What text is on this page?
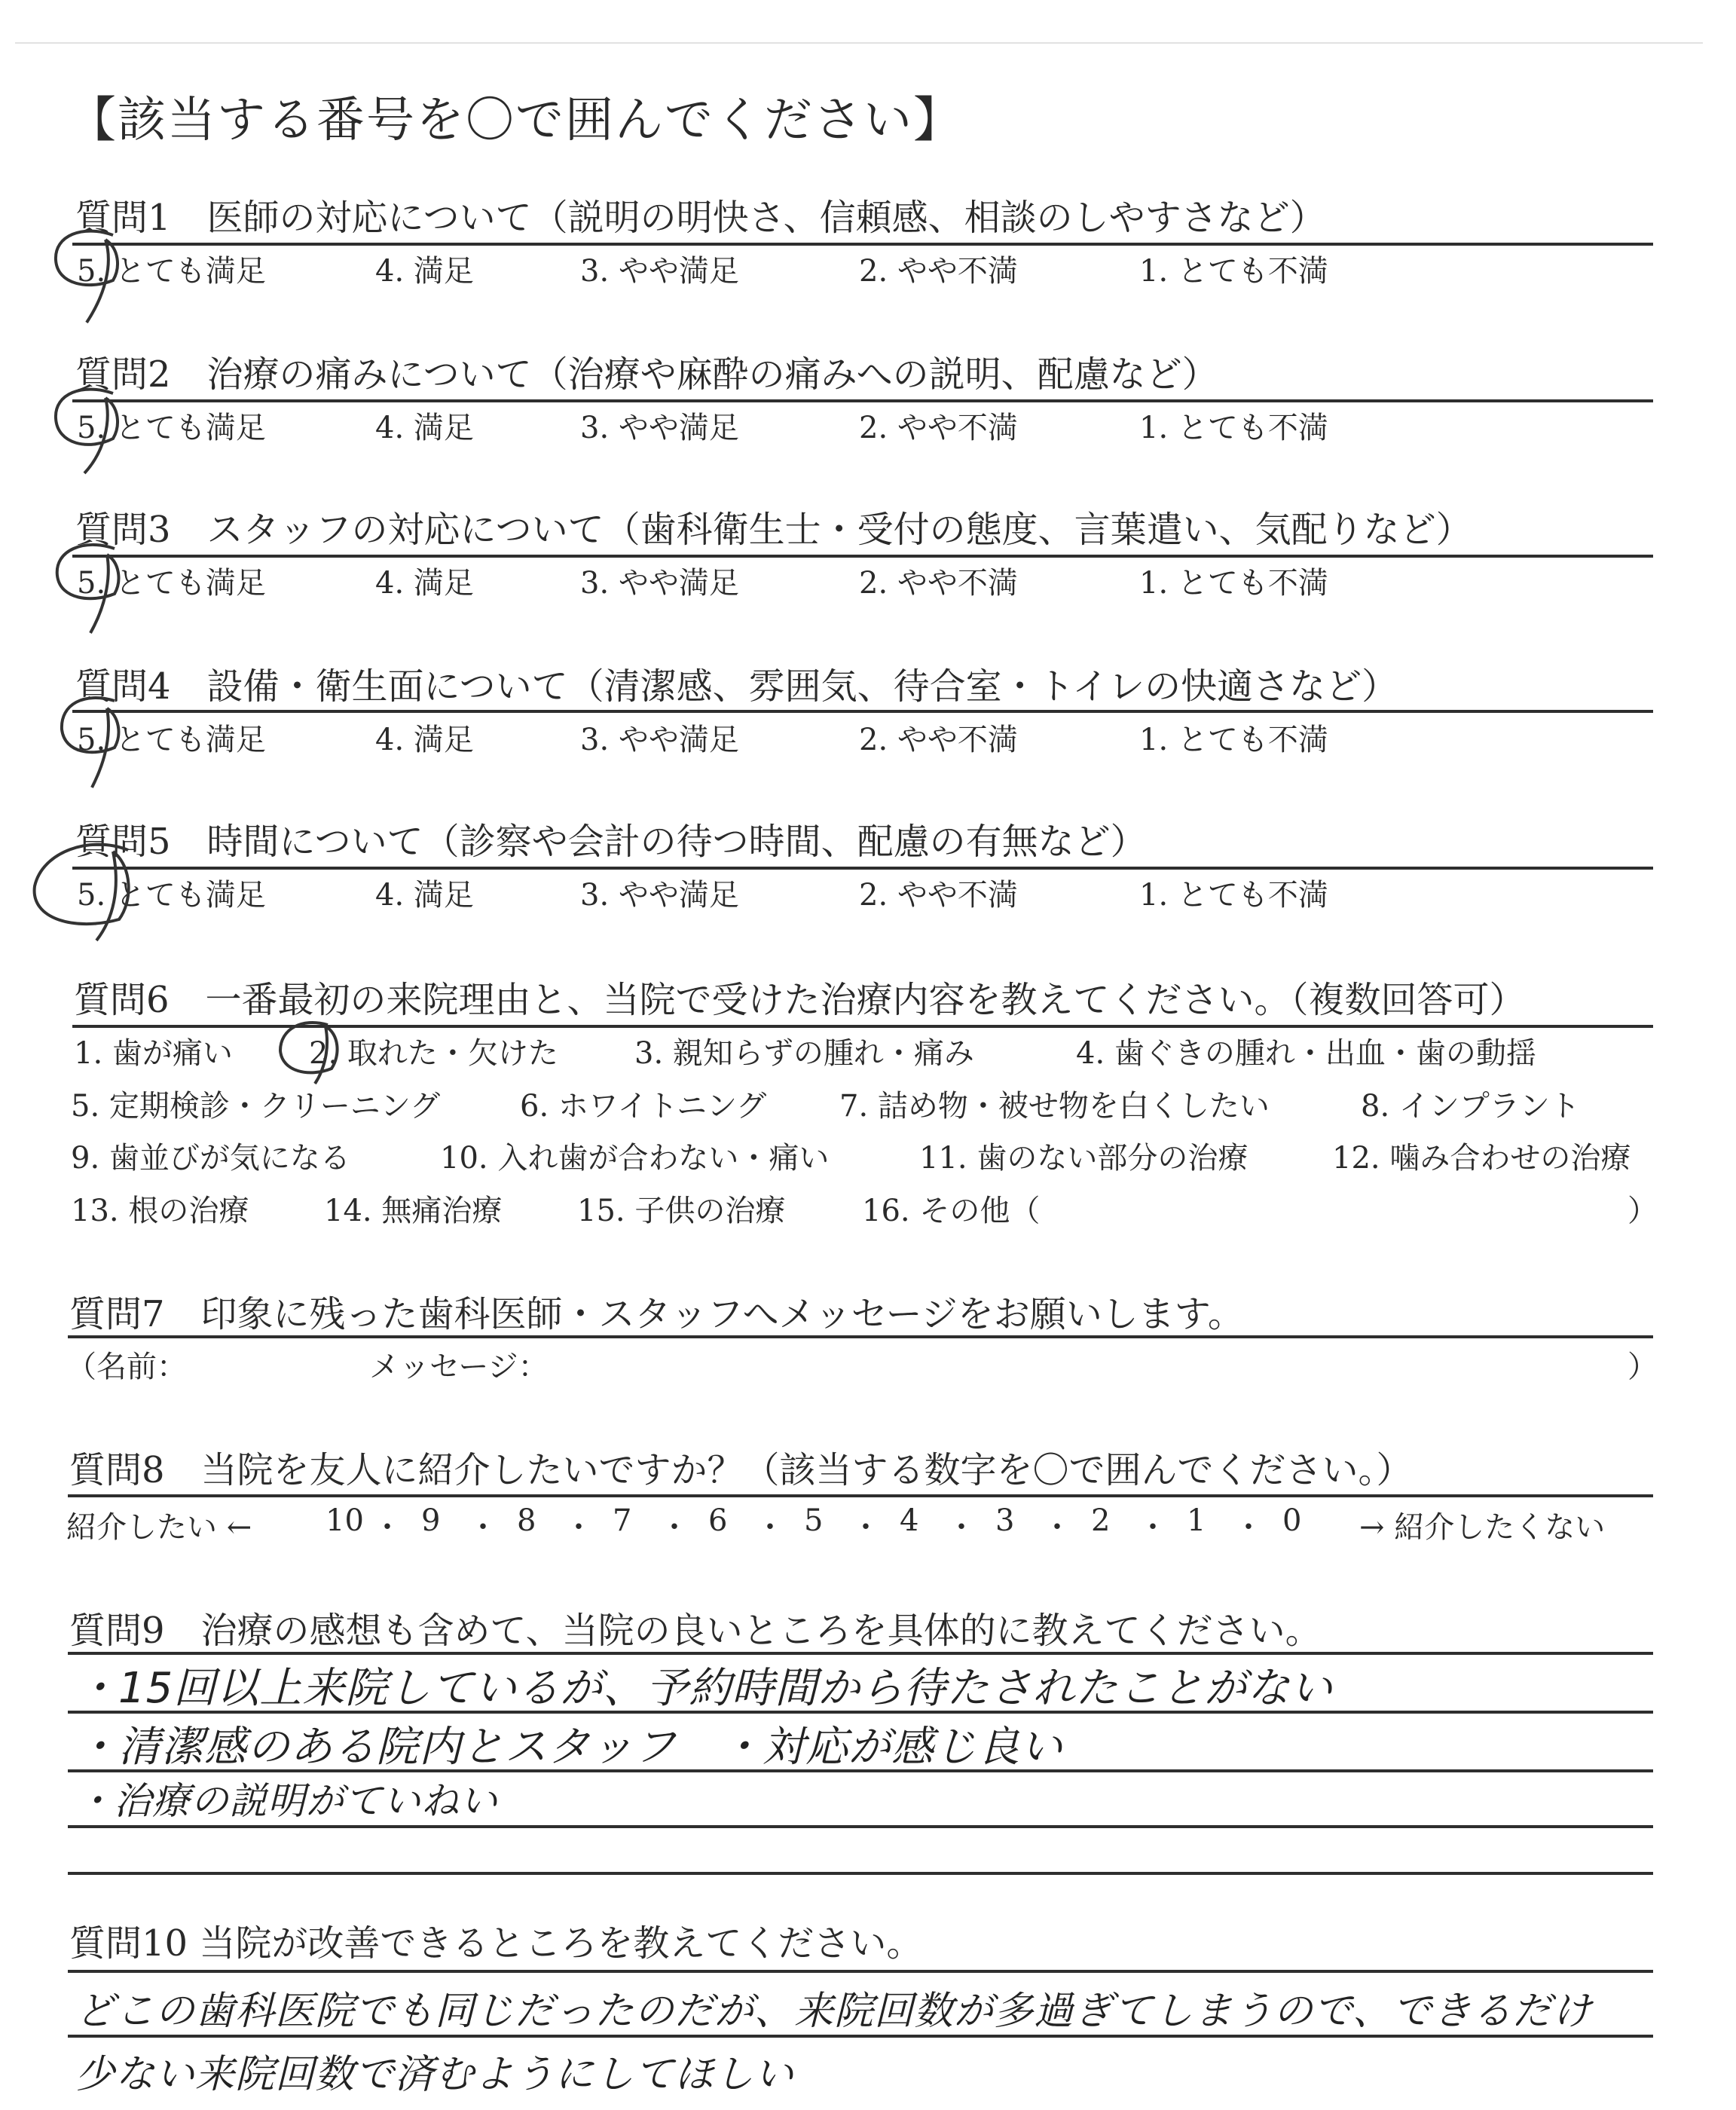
【該当する番号を〇で囲んでください】
質問1　医師の対応について（説明の明快さ、信頼感、相談のしやすさなど）
5. とても満足	4. 満足	3. やや満足	2. やや不満	1. とても不満
質問2　治療の痛みについて（治療や麻酔の痛みへの説明、配慮など）
5. とても満足	4. 満足	3. やや満足	2. やや不満	1. とても不満
質問3　スタッフの対応について（歯科衛生士・受付の態度、言葉遣い、気配りなど）
5. とても満足	4. 満足	3. やや満足	2. やや不満	1. とても不満
質問4　設備・衛生面について（清潔感、雰囲気、待合室・トイレの快適さなど）
5. とても満足	4. 満足	3. やや満足	2. やや不満	1. とても不満
質問5　時間について（診察や会計の待つ時間、配慮の有無など）
5. とても満足	4. 満足	3. やや満足	2. やや不満	1. とても不満
質問6　一番最初の来院理由と、当院で受けた治療内容を教えてください。（複数回答可）
1. 歯が痛い	2. 取れた・欠けた	3. 親知らずの腫れ・痛み	4. 歯ぐきの腫れ・出血・歯の動揺
5. 定期検診・クリーニング	6. ホワイトニング 7. 詰め物・被せ物を白くしたい	8. インプラント
9. 歯並びが気になる	10. 入れ歯が合わない・痛い	11. 歯のない部分の治療	12. 噛み合わせの治療
13. 根の治療 14. 無痛治療 15. 子供の治療	16. その他（	）
質問7　印象に残った歯科医師・スタッフへメッセージをお願いします。
（名前：	メッセージ：	）
質問8　当院を友人に紹介したいですか？（該当する数字を〇で囲んでください。）
紹介したい ← 10 ・ 9 ・ 8 ・ 7 ・ 6 ・ 5 ・ 4 ・ 3 ・ 2 ・ 1 ・ 0 → 紹介したくない
質問9　治療の感想も含めて、当院の良いところを具体的に教えてください。
・15回以上来院しているが、予約時間から待たされたことがない
・清潔感のある院内とスタッフ　・対応が感じ良い
・治療の説明がていねい
質問10 当院が改善できるところを教えてください。
どこの歯科医院でも同じだったのだが、来院回数が多過ぎてしまうので、できるだけ
少ない来院回数で済むようにしてほしい
